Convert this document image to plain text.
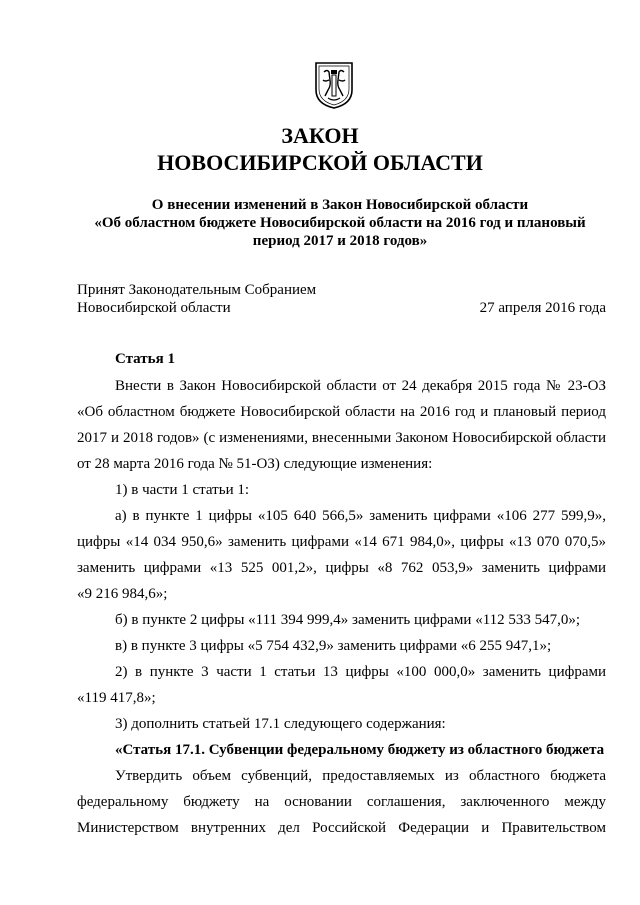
ЗАКОН
НОВОСИБИРСКОЙ ОБЛАСТИ
О внесении изменений в Закон Новосибирской области
«Об областном бюджете Новосибирской области на 2016 год и плановый
период 2017 и 2018 годов»
Принят Законодательным Собранием
Новосибирской области	27 апреля 2016 года
Статья 1
Внести в Закон Новосибирской области от 24 декабря 2015 года № 23-ОЗ
«Об областном бюджете Новосибирской области на 2016 год и плановый период
2017 и 2018 годов» (с изменениями, внесенными Законом Новосибирской области
от 28 марта 2016 года № 51-ОЗ) следующие изменения:
1) в части 1 статьи 1:
а) в пункте 1 цифры «105 640 566,5» заменить цифрами «106 277 599,9»,
цифры «14 034 950,6» заменить цифрами «14 671 984,0», цифры «13 070 070,5»
заменить цифрами «13 525 001,2», цифры «8 762 053,9» заменить цифрами
«9 216 984,6»;
б) в пункте 2 цифры «111 394 999,4» заменить цифрами «112 533 547,0»;
в) в пункте 3 цифры «5 754 432,9» заменить цифрами «6 255 947,1»;
2) в пункте 3 части 1 статьи 13 цифры «100 000,0» заменить цифрами
«119 417,8»;
3) дополнить статьей 17.1 следующего содержания:
«Статья 17.1. Субвенции федеральному бюджету из областного бюджета
Утвердить объем субвенций, предоставляемых из областного бюджета
федеральному бюджету на основании соглашения, заключенного между
Министерством внутренних дел Российской Федерации и Правительством
